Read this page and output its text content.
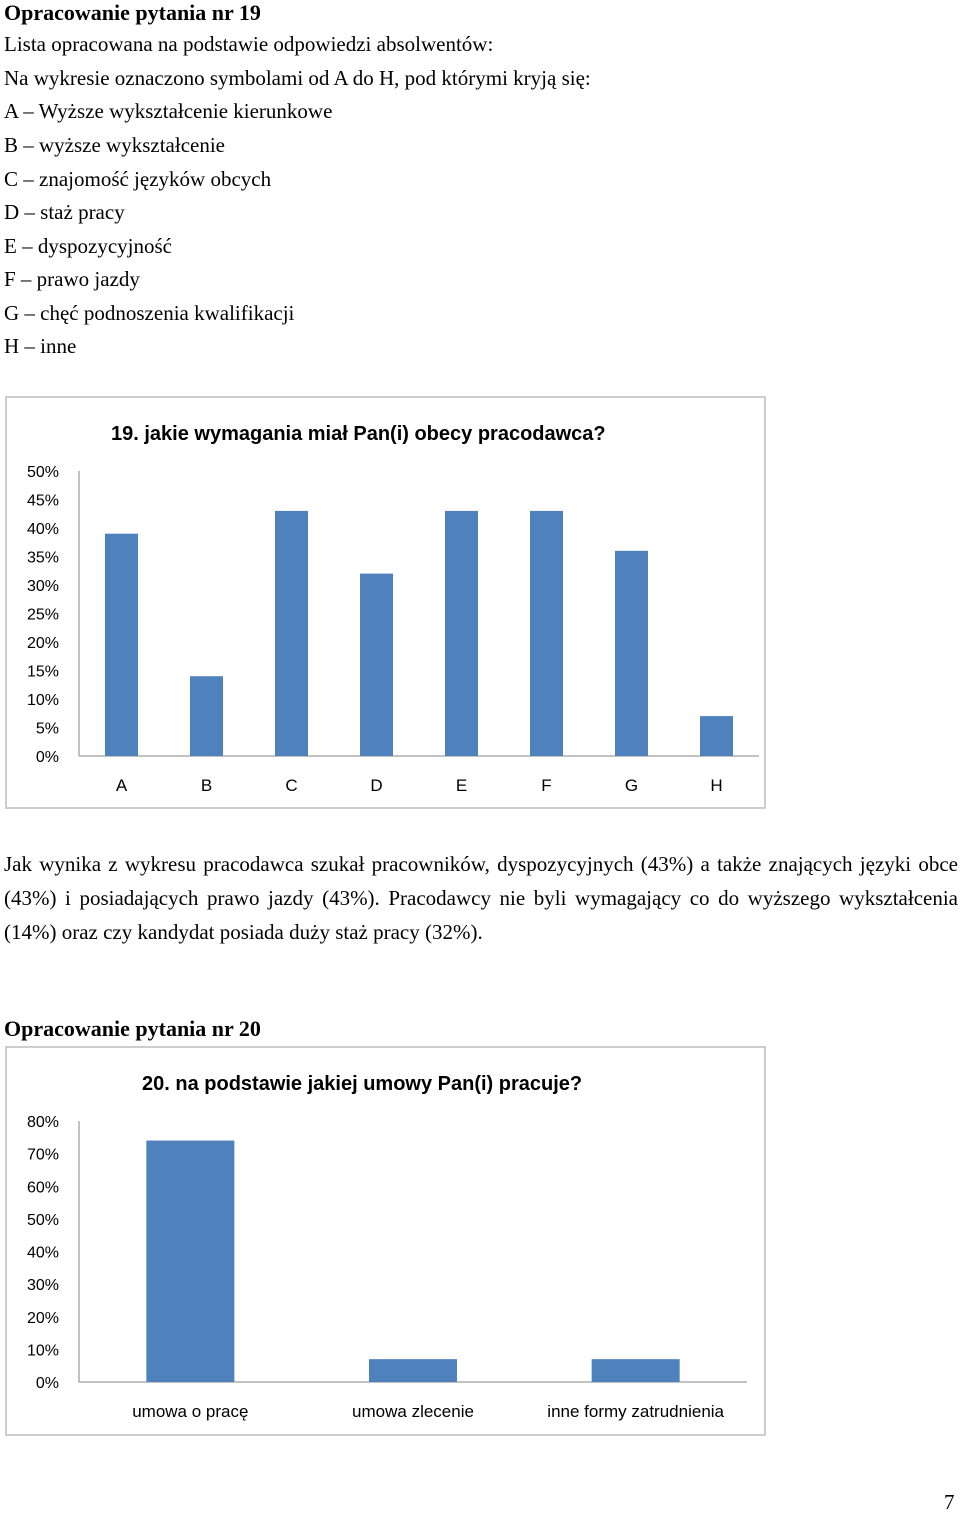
Opracowanie pytania nr 19
Lista opracowana na podstawie odpowiedzi absolwentów:
Na wykresie oznaczono symbolami od A do H, pod którymi kryją się:
A – Wyższe wykształcenie kierunkowe
B – wyższe wykształcenie
C – znajomość języków obcych
D – staż pracy
E – dyspozycyjność
F – prawo jazdy
G – chęć podnoszenia kwalifikacji
H – inne
19. jakie wymagania miał Pan(i) obecy pracodawca?
0%
5%
10%
15%
20%
25%
30%
35%
40%
45%
50%
A	B	C	D	E	F	G	H

Jak wynika z wykresu pracodawca szukał pracowników, dyspozycyjnych (43%) a także znających języki obce (43%) i posiadających prawo jazdy (43%). Pracodawcy nie byli wymagający co do wyższego wykształcenia (14%) oraz czy kandydat posiada duży staż pracy (32%).

Opracowanie pytania nr 20
20. na podstawie jakiej umowy Pan(i) pracuje?
0%
10%
20%
30%
40%
50%
60%
70%
80%
umowa o pracę	umowa zlecenie	inne formy zatrudnienia
7
